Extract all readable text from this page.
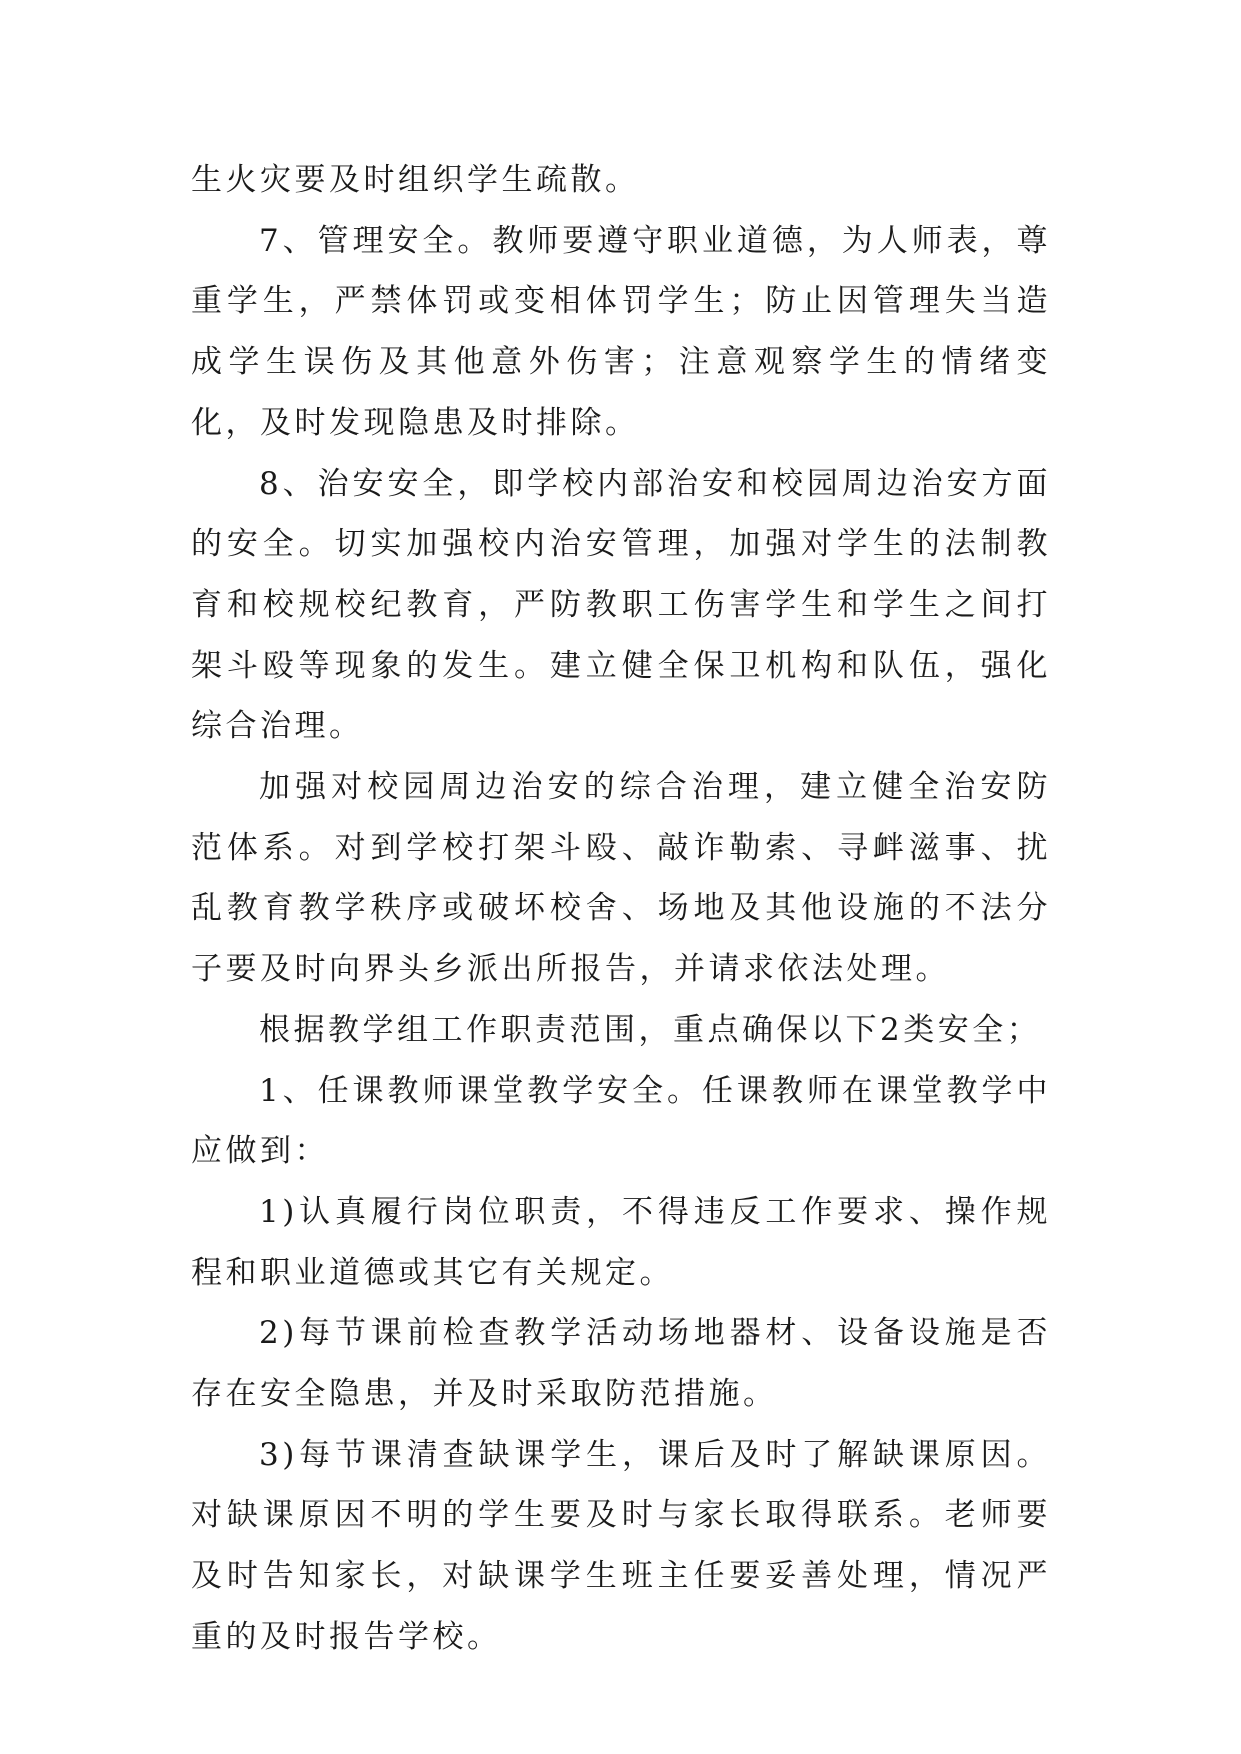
生火灾要及时组织学生疏散。

7、管理安全。教师要遵守职业道德，为人师表，尊重学生，严禁体罚或变相体罚学生；防止因管理失当造成学生误伤及其他意外伤害；注意观察学生的情绪变化，及时发现隐患及时排除。

8、治安安全，即学校内部治安和校园周边治安方面的安全。切实加强校内治安管理，加强对学生的法制教育和校规校纪教育，严防教职工伤害学生和学生之间打架斗殴等现象的发生。建立健全保卫机构和队伍，强化综合治理。

加强对校园周边治安的综合治理，建立健全治安防范体系。对到学校打架斗殴、敲诈勒索、寻衅滋事、扰乱教育教学秩序或破坏校舍、场地及其他设施的不法分子要及时向界头乡派出所报告，并请求依法处理。

根据教学组工作职责范围，重点确保以下2类安全；

1、任课教师课堂教学安全。任课教师在课堂教学中应做到：

1)认真履行岗位职责，不得违反工作要求、操作规程和职业道德或其它有关规定。

2)每节课前检查教学活动场地器材、设备设施是否存在安全隐患，并及时采取防范措施。

3)每节课清查缺课学生，课后及时了解缺课原因。对缺课原因不明的学生要及时与家长取得联系。老师要及时告知家长，对缺课学生班主任要妥善处理，情况严重的及时报告学校。
